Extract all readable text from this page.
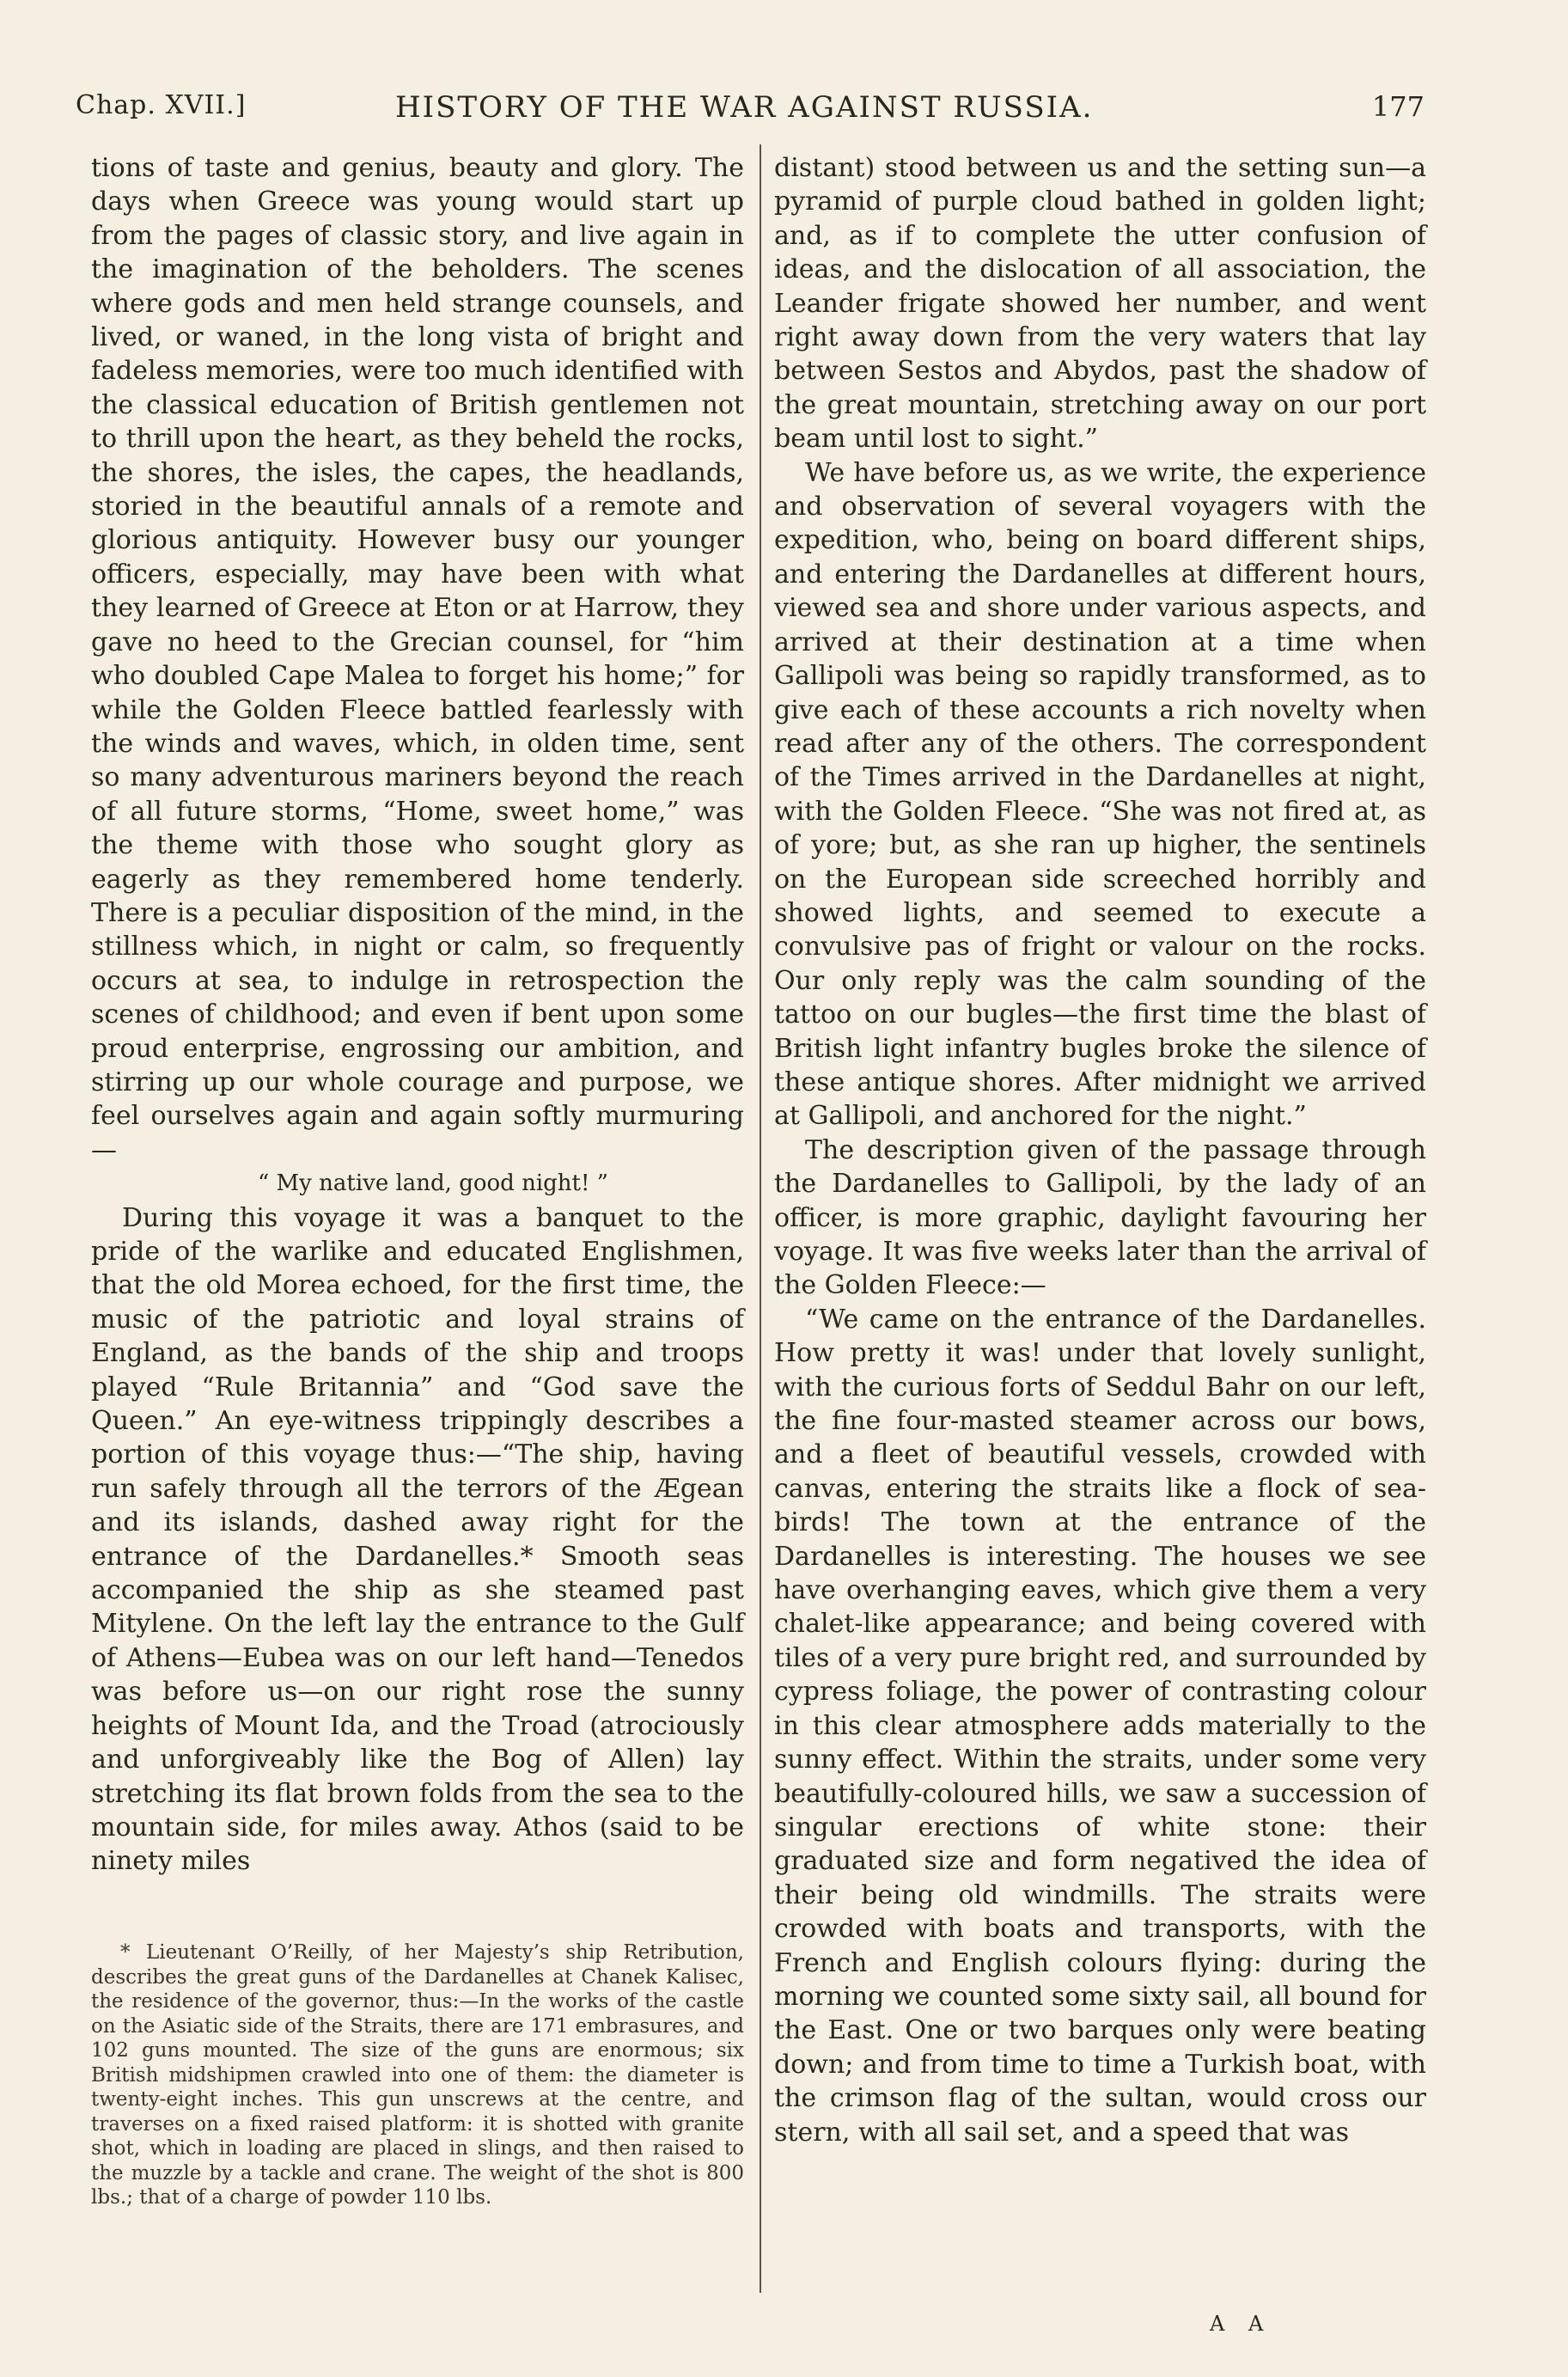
Chap. XVII.]	HISTORY OF THE WAR AGAINST RUSSIA.	177

tions of taste and genius, beauty and glory. The days when Greece was young would start up from the pages of classic story, and live again in the imagination of the beholders. The scenes where gods and men held strange counsels, and lived, or waned, in the long vista of bright and fadeless memories, were too much identified with the classical education of British gentlemen not to thrill upon the heart, as they beheld the rocks, the shores, the isles, the capes, the headlands, storied in the beautiful annals of a remote and glorious antiquity. However busy our younger officers, especially, may have been with what they learned of Greece at Eton or at Harrow, they gave no heed to the Grecian counsel, for “him who doubled Cape Malea to forget his home;” for while the Golden Fleece battled fearlessly with the winds and waves, which, in olden time, sent so many adventurous mariners beyond the reach of all future storms, “Home, sweet home,” was the theme with those who sought glory as eagerly as they remembered home tenderly. There is a peculiar disposition of the mind, in the stillness which, in night or calm, so frequently occurs at sea, to indulge in retrospection the scenes of childhood; and even if bent upon some proud enterprise, engrossing our ambition, and stirring up our whole courage and purpose, we feel ourselves again and again softly murmuring—

“ My native land, good night! ”

During this voyage it was a banquet to the pride of the warlike and educated Englishmen, that the old Morea echoed, for the first time, the music of the patriotic and loyal strains of England, as the bands of the ship and troops played “Rule Britannia” and “God save the Queen.” An eye-witness trippingly describes a portion of this voyage thus:—“The ship, having run safely through all the terrors of the Ægean and its islands, dashed away right for the entrance of the Dardanelles.* Smooth seas accompanied the ship as she steamed past Mitylene. On the left lay the entrance to the Gulf of Athens—Eubea was on our left hand—Tenedos was before us—on our right rose the sunny heights of Mount Ida, and the Troad (atrociously and unforgiveably like the Bog of Allen) lay stretching its flat brown folds from the sea to the mountain side, for miles away. Athos (said to be ninety miles

* Lieutenant O’Reilly, of her Majesty’s ship Retribution, describes the great guns of the Dardanelles at Chanek Kalisec, the residence of the governor, thus:—In the works of the castle on the Asiatic side of the Straits, there are 171 embrasures, and 102 guns mounted. The size of the guns are enormous; six British midshipmen crawled into one of them: the diameter is twenty-eight inches. This gun unscrews at the centre, and traverses on a fixed raised platform: it is shotted with granite shot, which in loading are placed in slings, and then raised to the muzzle by a tackle and crane. The weight of the shot is 800 lbs.; that of a charge of powder 110 lbs.

distant) stood between us and the setting sun—a pyramid of purple cloud bathed in golden light; and, as if to complete the utter confusion of ideas, and the dislocation of all association, the Leander frigate showed her number, and went right away down from the very waters that lay between Sestos and Abydos, past the shadow of the great mountain, stretching away on our port beam until lost to sight.”

We have before us, as we write, the experience and observation of several voyagers with the expedition, who, being on board different ships, and entering the Dardanelles at different hours, viewed sea and shore under various aspects, and arrived at their destination at a time when Gallipoli was being so rapidly transformed, as to give each of these accounts a rich novelty when read after any of the others. The correspondent of the Times arrived in the Dardanelles at night, with the Golden Fleece. “She was not fired at, as of yore; but, as she ran up higher, the sentinels on the European side screeched horribly and showed lights, and seemed to execute a convulsive pas of fright or valour on the rocks. Our only reply was the calm sounding of the tattoo on our bugles—the first time the blast of British light infantry bugles broke the silence of these antique shores. After midnight we arrived at Gallipoli, and anchored for the night.”

The description given of the passage through the Dardanelles to Gallipoli, by the lady of an officer, is more graphic, daylight favouring her voyage. It was five weeks later than the arrival of the Golden Fleece:—

“We came on the entrance of the Dardanelles. How pretty it was! under that lovely sunlight, with the curious forts of Seddul Bahr on our left, the fine four-masted steamer across our bows, and a fleet of beautiful vessels, crowded with canvas, entering the straits like a flock of sea-birds! The town at the entrance of the Dardanelles is interesting. The houses we see have overhanging eaves, which give them a very chalet-like appearance; and being covered with tiles of a very pure bright red, and surrounded by cypress foliage, the power of contrasting colour in this clear atmosphere adds materially to the sunny effect. Within the straits, under some very beautifully-coloured hills, we saw a succession of singular erections of white stone: their graduated size and form negatived the idea of their being old windmills. The straits were crowded with boats and transports, with the French and English colours flying: during the morning we counted some sixty sail, all bound for the East. One or two barques only were beating down; and from time to time a Turkish boat, with the crimson flag of the sultan, would cross our stern, with all sail set, and a speed that was

A A
